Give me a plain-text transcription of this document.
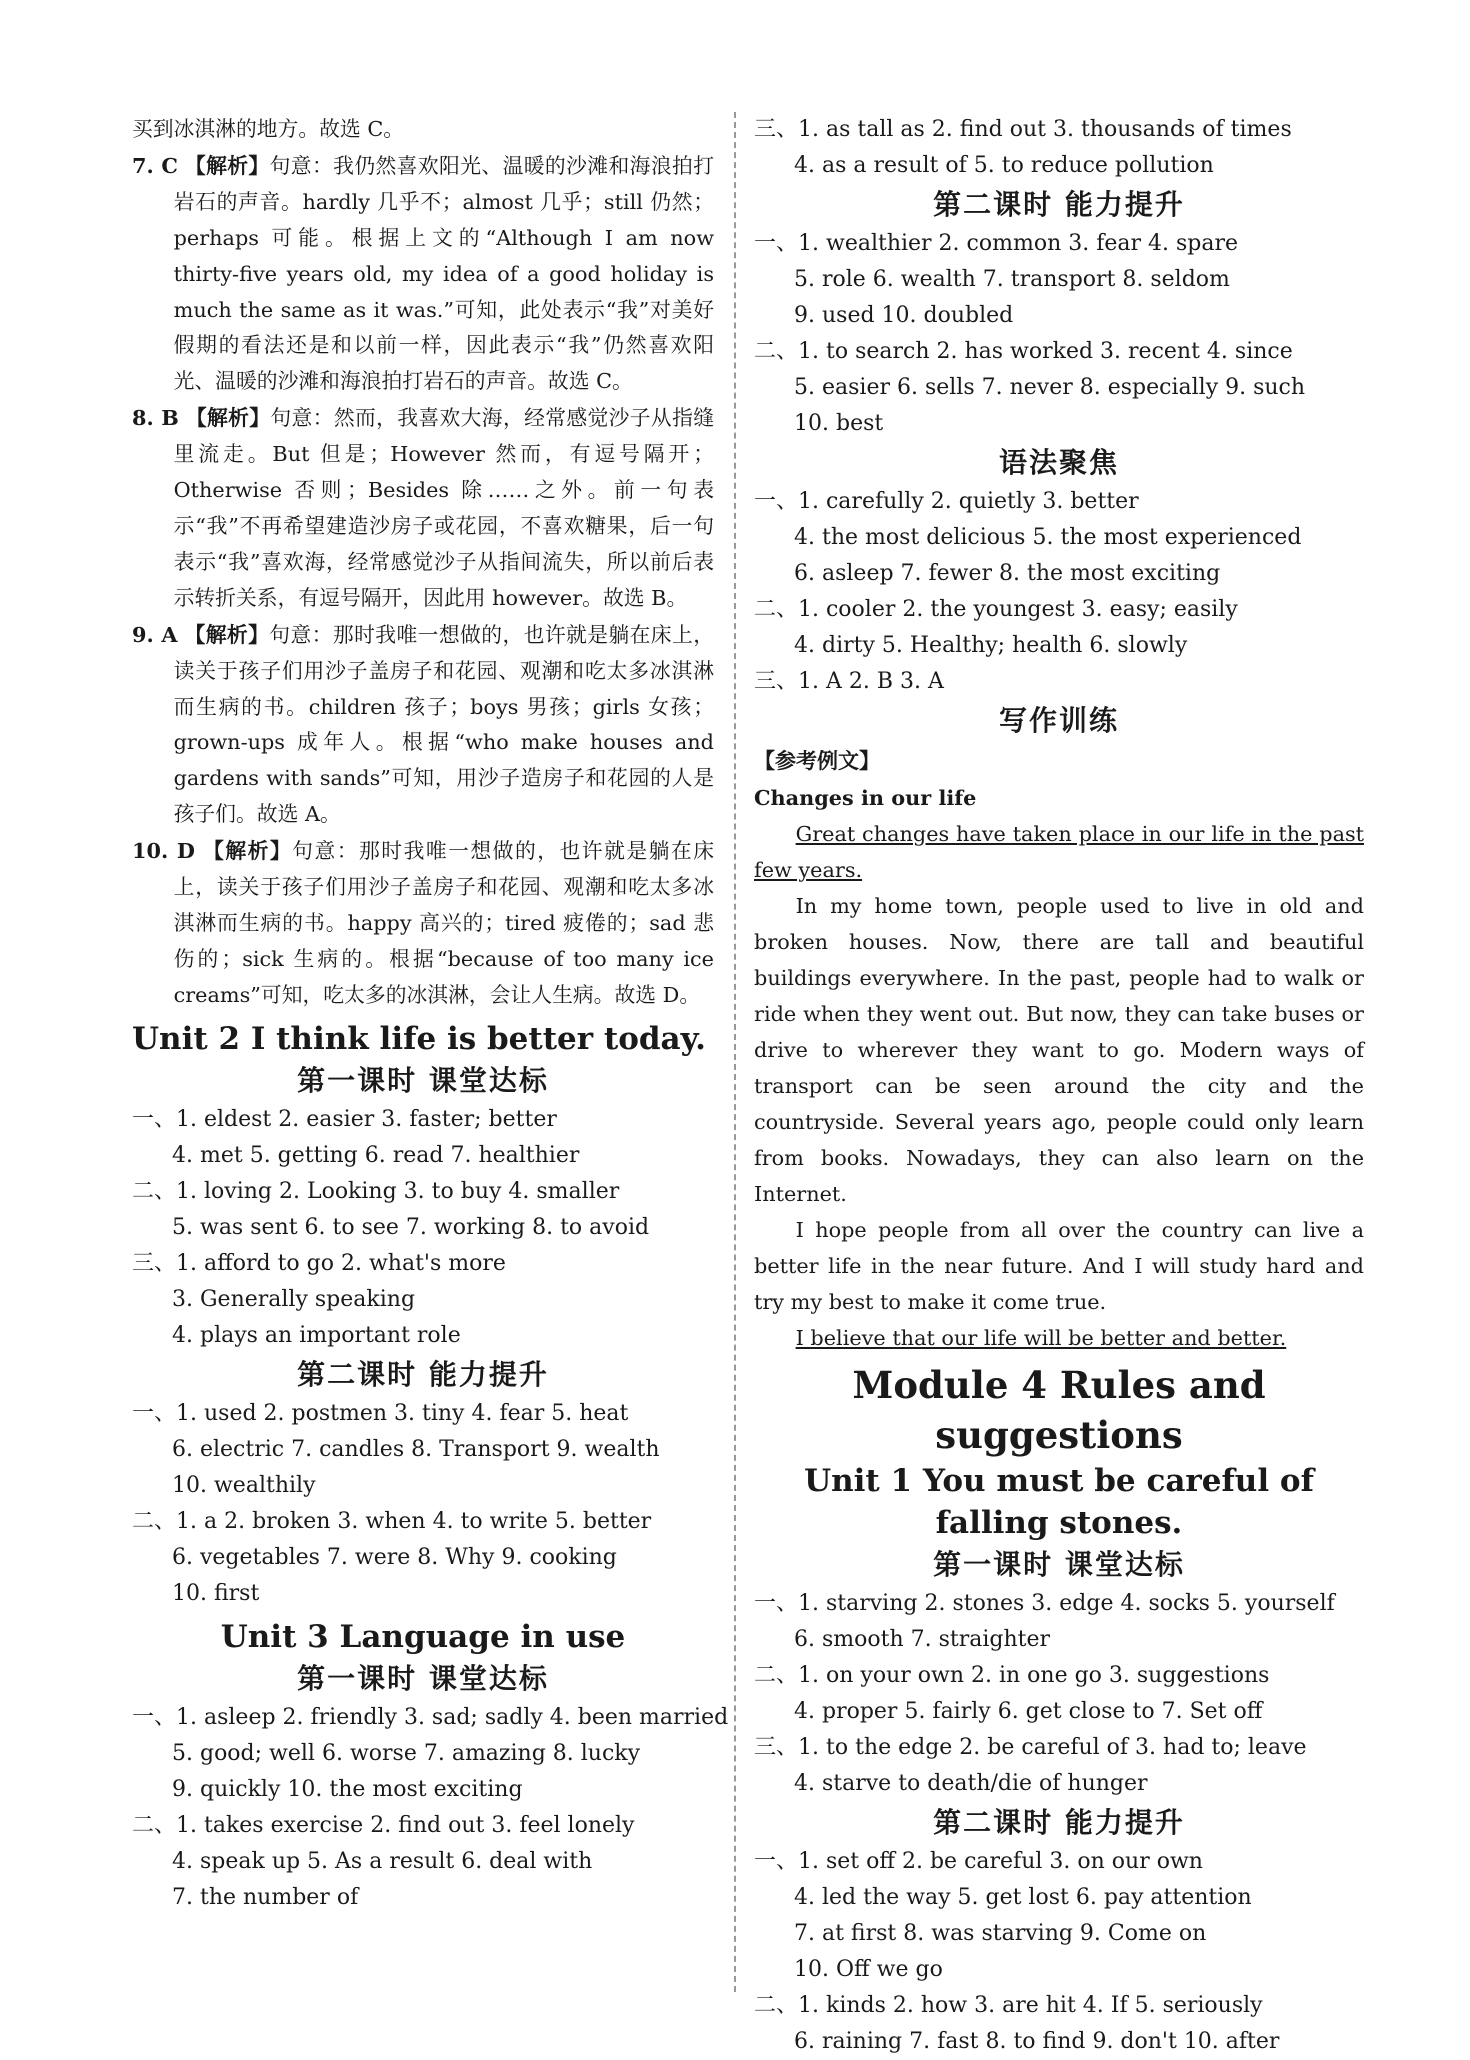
买到冰淇淋的地方。故选 C。

7. C 【解析】句意：我仍然喜欢阳光、温暖的沙滩和海浪拍打岩石的声音。hardly 几乎不；almost 几乎；still 仍然；perhaps 可能。根据上文的“Although I am now thirty-five years old, my idea of a good holiday is much the same as it was.”可知，此处表示“我”对美好假期的看法还是和以前一样，因此表示“我”仍然喜欢阳光、温暖的沙滩和海浪拍打岩石的声音。故选 C。

8. B 【解析】句意：然而，我喜欢大海，经常感觉沙子从指缝里流走。But 但是；However 然而，有逗号隔开；Otherwise 否则；Besides 除……之外。前一句表示“我”不再希望建造沙房子或花园，不喜欢糖果，后一句表示“我”喜欢海，经常感觉沙子从指间流失，所以前后表示转折关系，有逗号隔开，因此用 however。故选 B。

9. A 【解析】句意：那时我唯一想做的，也许就是躺在床上，读关于孩子们用沙子盖房子和花园、观潮和吃太多冰淇淋而生病的书。children 孩子；boys 男孩；girls 女孩；grown-ups 成年人。根据“who make houses and gardens with sands”可知，用沙子造房子和花园的人是孩子们。故选 A。

10. D 【解析】句意：那时我唯一想做的，也许就是躺在床上，读关于孩子们用沙子盖房子和花园、观潮和吃太多冰淇淋而生病的书。happy 高兴的；tired 疲倦的；sad 悲伤的；sick 生病的。根据“because of too many ice creams”可知，吃太多的冰淇淋，会让人生病。故选 D。

Unit 2 I think life is better today.
第一课时 课堂达标
一、1. eldest 2. easier 3. faster; better
4. met 5. getting 6. read 7. healthier
二、1. loving 2. Looking 3. to buy 4. smaller
5. was sent 6. to see 7. working 8. to avoid
三、1. afford to go 2. what's more
3. Generally speaking
4. plays an important role
第二课时 能力提升
一、1. used 2. postmen 3. tiny 4. fear 5. heat
6. electric 7. candles 8. Transport 9. wealth
10. wealthily
二、1. a 2. broken 3. when 4. to write 5. better
6. vegetables 7. were 8. Why 9. cooking
10. first
Unit 3 Language in use
第一课时 课堂达标
一、1. asleep 2. friendly 3. sad; sadly 4. been married
5. good; well 6. worse 7. amazing 8. lucky
9. quickly 10. the most exciting
二、1. takes exercise 2. find out 3. feel lonely
4. speak up 5. As a result 6. deal with
7. the number of
三、1. as tall as 2. find out 3. thousands of times
4. as a result of 5. to reduce pollution
第二课时 能力提升
一、1. wealthier 2. common 3. fear 4. spare
5. role 6. wealth 7. transport 8. seldom
9. used 10. doubled
二、1. to search 2. has worked 3. recent 4. since
5. easier 6. sells 7. never 8. especially 9. such
10. best
语法聚焦
一、1. carefully 2. quietly 3. better
4. the most delicious 5. the most experienced
6. asleep 7. fewer 8. the most exciting
二、1. cooler 2. the youngest 3. easy; easily
4. dirty 5. Healthy; health 6. slowly
三、1. A 2. B 3. A
写作训练

【参考例文】

Changes in our life

Great changes have taken place in our life in the past few years.

In my home town, people used to live in old and broken houses. Now, there are tall and beautiful buildings everywhere. In the past, people had to walk or ride when they went out. But now, they can take buses or drive to wherever they want to go. Modern ways of transport can be seen around the city and the countryside. Several years ago, people could only learn from books. Nowadays, they can also learn on the Internet.

I hope people from all over the country can live a better life in the near future. And I will study hard and try my best to make it come true.

I believe that our life will be better and better.

Module 4 Rules and suggestions
Unit 1 You must be careful of
falling stones.
第一课时 课堂达标
一、1. starving 2. stones 3. edge 4. socks 5. yourself
6. smooth 7. straighter
二、1. on your own 2. in one go 3. suggestions
4. proper 5. fairly 6. get close to 7. Set off
三、1. to the edge 2. be careful of 3. had to; leave
4. starve to death/die of hunger
第二课时 能力提升
一、1. set off 2. be careful 3. on our own
4. led the way 5. get lost 6. pay attention
7. at first 8. was starving 9. Come on
10. Off we go
二、1. kinds 2. how 3. are hit 4. If 5. seriously
6. raining 7. fast 8. to find 9. don't 10. after
